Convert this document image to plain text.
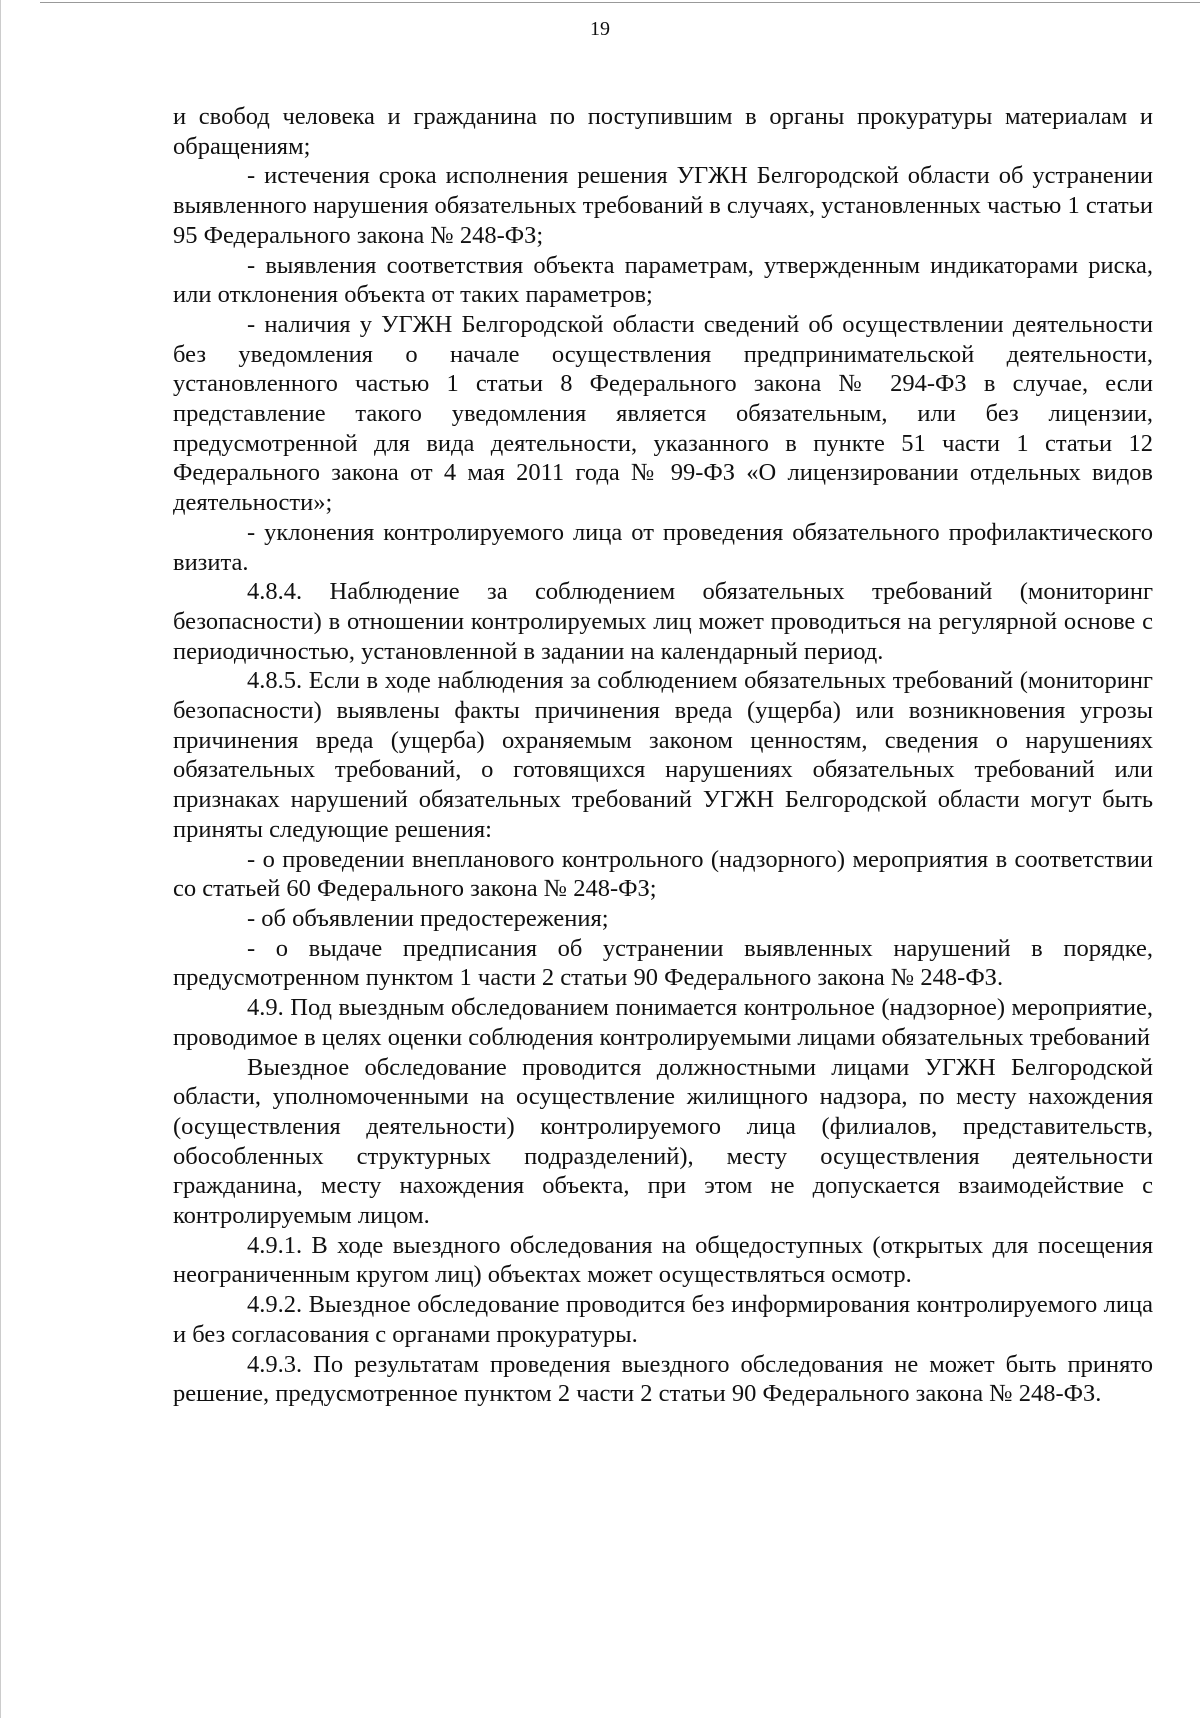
19

и свобод человека и гражданина по поступившим в органы прокуратуры материалам и обращениям;

- истечения срока исполнения решения УГЖН Белгородской области об устранении выявленного нарушения обязательных требований в случаях, установленных частью 1 статьи 95 Федерального закона № 248-ФЗ;

- выявления соответствия объекта параметрам, утвержденным индикаторами риска, или отклонения объекта от таких параметров;

- наличия у УГЖН Белгородской области сведений об осуществлении деятельности без уведомления о начале осуществления предпринимательской деятельности, установленного частью 1 статьи 8 Федерального закона № 294-ФЗ в случае, если представление такого уведомления является обязательным, или без лицензии, предусмотренной для вида деятельности, указанного в пункте 51 части 1 статьи 12 Федерального закона от 4 мая 2011 года № 99-ФЗ «О лицензировании отдельных видов деятельности»;

- уклонения контролируемого лица от проведения обязательного профилактического визита.

4.8.4. Наблюдение за соблюдением обязательных требований (мониторинг безопасности) в отношении контролируемых лиц может проводиться на регулярной основе с периодичностью, установленной в задании на календарный период.

4.8.5. Если в ходе наблюдения за соблюдением обязательных требований (мониторинг безопасности) выявлены факты причинения вреда (ущерба) или возникновения угрозы причинения вреда (ущерба) охраняемым законом ценностям, сведения о нарушениях обязательных требований, о готовящихся нарушениях обязательных требований или признаках нарушений обязательных требований УГЖН Белгородской области могут быть приняты следующие решения:

- о проведении внепланового контрольного (надзорного) мероприятия в соответствии со статьей 60 Федерального закона № 248-ФЗ;

- об объявлении предостережения;

- о выдаче предписания об устранении выявленных нарушений в порядке, предусмотренном пунктом 1 части 2 статьи 90 Федерального закона № 248-ФЗ.

4.9. Под выездным обследованием понимается контрольное (надзорное) мероприятие, проводимое в целях оценки соблюдения контролируемыми лицами обязательных требований

Выездное обследование проводится должностными лицами УГЖН Белгородской области, уполномоченными на осуществление жилищного надзора, по месту нахождения (осуществления деятельности) контролируемого лица (филиалов, представительств, обособленных структурных подразделений), месту осуществления деятельности гражданина, месту нахождения объекта, при этом не допускается взаимодействие с контролируемым лицом.

4.9.1. В ходе выездного обследования на общедоступных (открытых для посещения неограниченным кругом лиц) объектах может осуществляться осмотр.

4.9.2. Выездное обследование проводится без информирования контролируемого лица и без согласования с органами прокуратуры.

4.9.3. По результатам проведения выездного обследования не может быть принято решение, предусмотренное пунктом 2 части 2 статьи 90 Федерального закона № 248-ФЗ.
